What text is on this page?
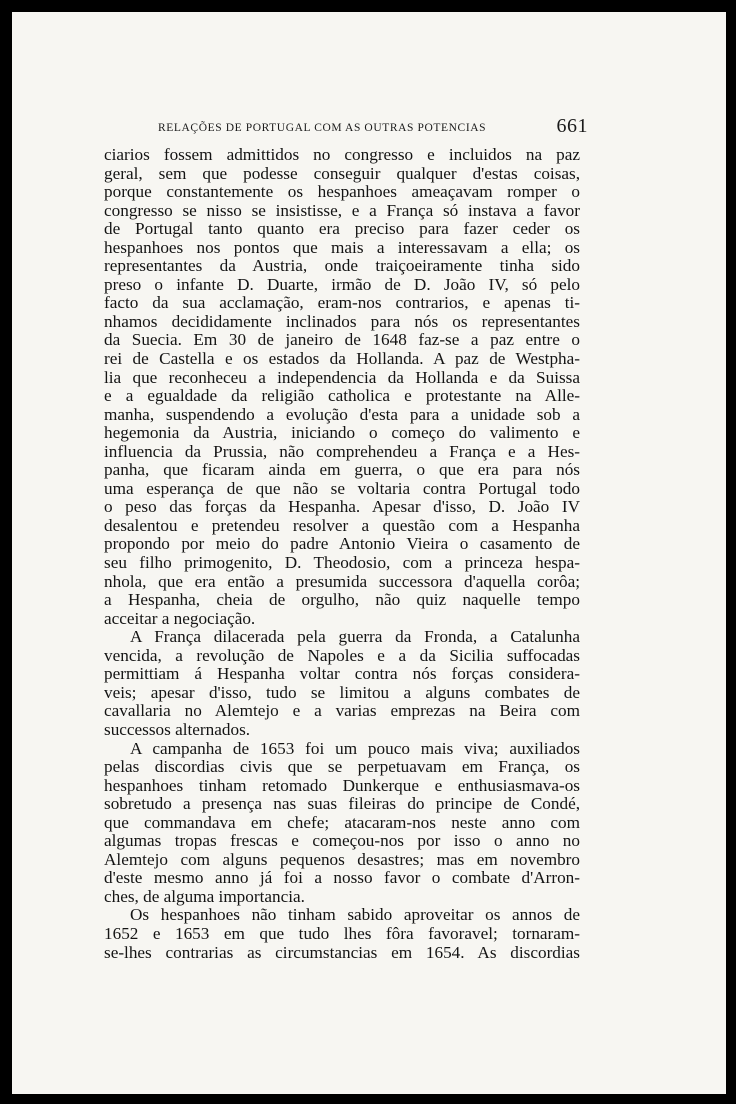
RELAÇÕES DE PORTUGAL COM AS OUTRAS POTENCIAS	661
ciarios fossem admittidos no congresso e incluidos na paz
geral, sem que podesse conseguir qualquer d'estas coisas,
porque constantemente os hespanhoes ameaçavam romper o
congresso se nisso se insistisse, e a França só instava a favor
de Portugal tanto quanto era preciso para fazer ceder os
hespanhoes nos pontos que mais a interessavam a ella; os
representantes da Austria, onde traiçoeiramente tinha sido
preso o infante D. Duarte, irmão de D. João IV, só pelo
facto da sua acclamação, eram-nos contrarios, e apenas ti-
nhamos decididamente inclinados para nós os representantes
da Suecia. Em 30 de janeiro de 1648 faz-se a paz entre o
rei de Castella e os estados da Hollanda. A paz de Westpha-
lia que reconheceu a independencia da Hollanda e da Suissa
e a egualdade da religião catholica e protestante na Alle-
manha, suspendendo a evolução d'esta para a unidade sob a
hegemonia da Austria, iniciando o começo do valimento e
influencia da Prussia, não comprehendeu a França e a Hes-
panha, que ficaram ainda em guerra, o que era para nós
uma esperança de que não se voltaria contra Portugal todo
o peso das forças da Hespanha. Apesar d'isso, D. João IV
desalentou e pretendeu resolver a questão com a Hespanha
propondo por meio do padre Antonio Vieira o casamento de
seu filho primogenito, D. Theodosio, com a princeza hespa-
nhola, que era então a presumida successora d'aquella corôa;
a Hespanha, cheia de orgulho, não quiz naquelle tempo
acceitar a negociação.
A França dilacerada pela guerra da Fronda, a Catalunha
vencida, a revolução de Napoles e a da Sicilia suffocadas
permittiam á Hespanha voltar contra nós forças considera-
veis; apesar d'isso, tudo se limitou a alguns combates de
cavallaria no Alemtejo e a varias emprezas na Beira com
successos alternados.
A campanha de 1653 foi um pouco mais viva; auxiliados
pelas discordias civis que se perpetuavam em França, os
hespanhoes tinham retomado Dunkerque e enthusiasmava-os
sobretudo a presença nas suas fileiras do principe de Condé,
que commandava em chefe; atacaram-nos neste anno com
algumas tropas frescas e começou-nos por isso o anno no
Alemtejo com alguns pequenos desastres; mas em novembro
d'este mesmo anno já foi a nosso favor o combate d'Arron-
ches, de alguma importancia.
Os hespanhoes não tinham sabido aproveitar os annos de
1652 e 1653 em que tudo lhes fôra favoravel; tornaram-
se-lhes contrarias as circumstancias em 1654. As discordias
